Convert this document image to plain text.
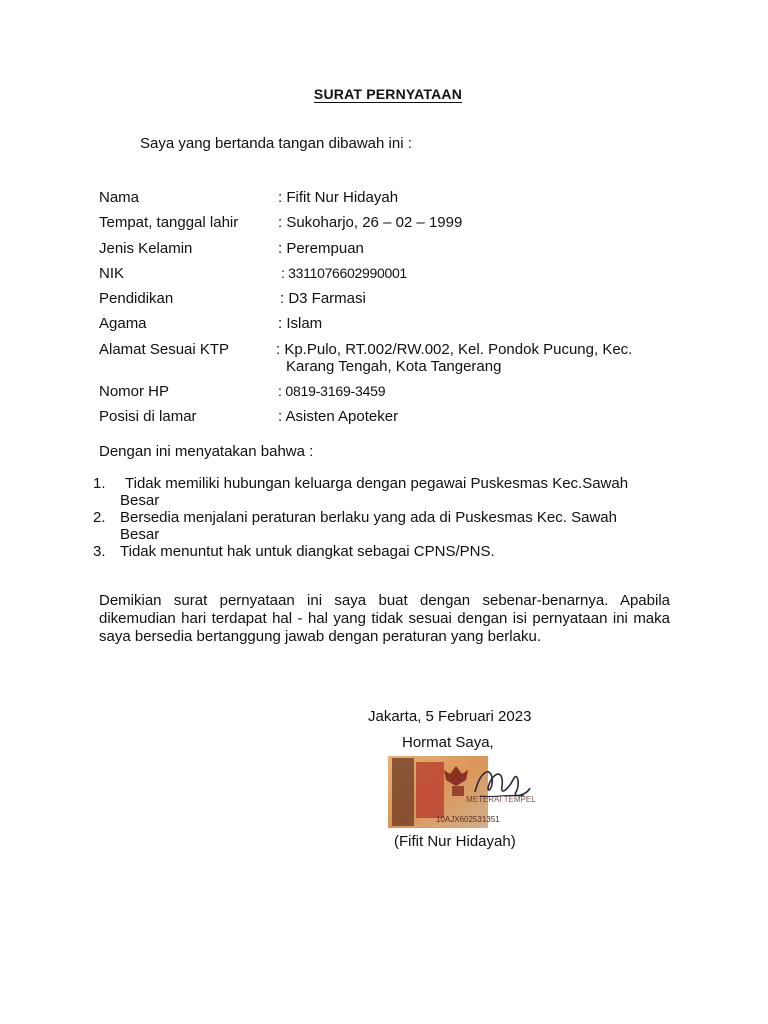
SURAT PERNYATAAN
Saya yang bertanda tangan dibawah ini :
Nama	: Fifit Nur Hidayah
Tempat, tanggal lahir	: Sukoharjo, 26 – 02 – 1999
Jenis Kelamin	: Perempuan
NIK	: 3311076602990001
Pendidikan	: D3 Farmasi
Agama	: Islam
Alamat Sesuai KTP	: Kp.Pulo, RT.002/RW.002, Kel. Pondok Pucung, Kec.
Karang Tengah, Kota Tangerang
Nomor HP	: 0819-3169-3459
Posisi di lamar	: Asisten Apoteker
Dengan ini menyatakan bahwa :
1.	Tidak memiliki hubungan keluarga dengan pegawai Puskesmas Kec.Sawah Besar
2. Bersedia menjalani peraturan berlaku yang ada di Puskesmas Kec. Sawah Besar
3. Tidak menuntut hak untuk diangkat sebagai CPNS/PNS.
Demikian surat pernyataan ini saya buat dengan sebenar-benarnya. Apabila dikemudian hari terdapat hal - hal yang tidak sesuai dengan isi pernyataan ini maka saya bersedia bertanggung jawab dengan peraturan yang berlaku.
Jakarta, 5 Februari 2023
Hormat Saya,
METERAI TEMPEL
10AJX602531351
(Fifit Nur Hidayah)
